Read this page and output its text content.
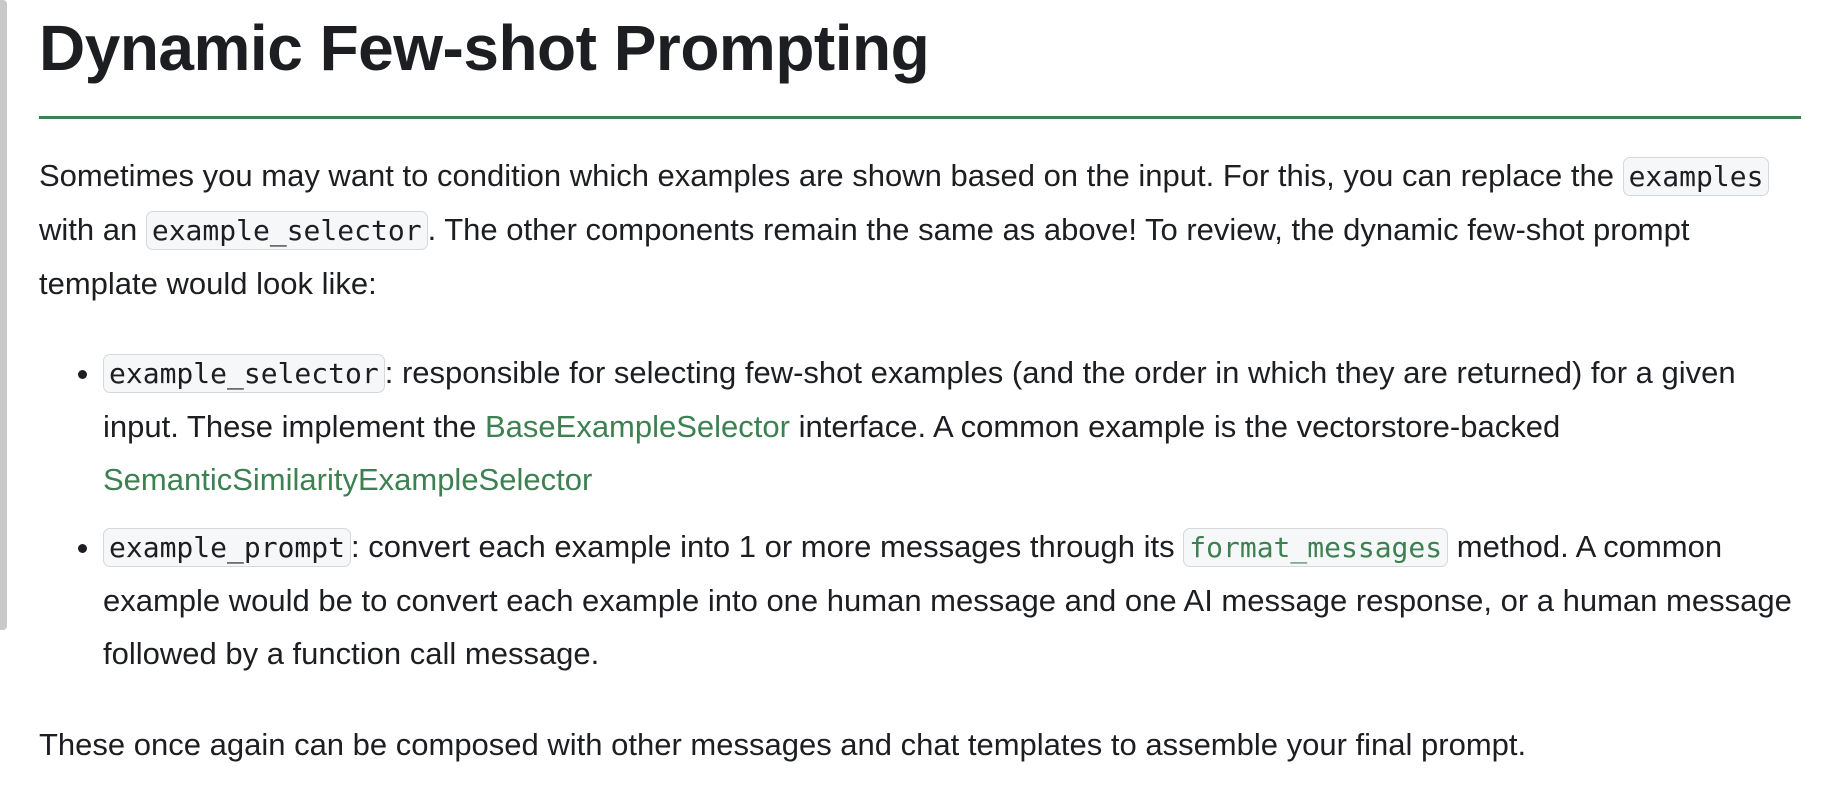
Dynamic Few-shot Prompting

Sometimes you may want to condition which examples are shown based on the input. For this, you can replace the examples with an example_selector . The other components remain the same as above! To review, the dynamic few-shot prompt template would look like:

• example_selector : responsible for selecting few-shot examples (and the order in which they are returned) for a given input. These implement the BaseExampleSelector interface. A common example is the vectorstore-backed SemanticSimilarityExampleSelector
• example_prompt : convert each example into 1 or more messages through its format_messages method. A common example would be to convert each example into one human message and one AI message response, or a human message followed by a function call message.

These once again can be composed with other messages and chat templates to assemble your final prompt.
